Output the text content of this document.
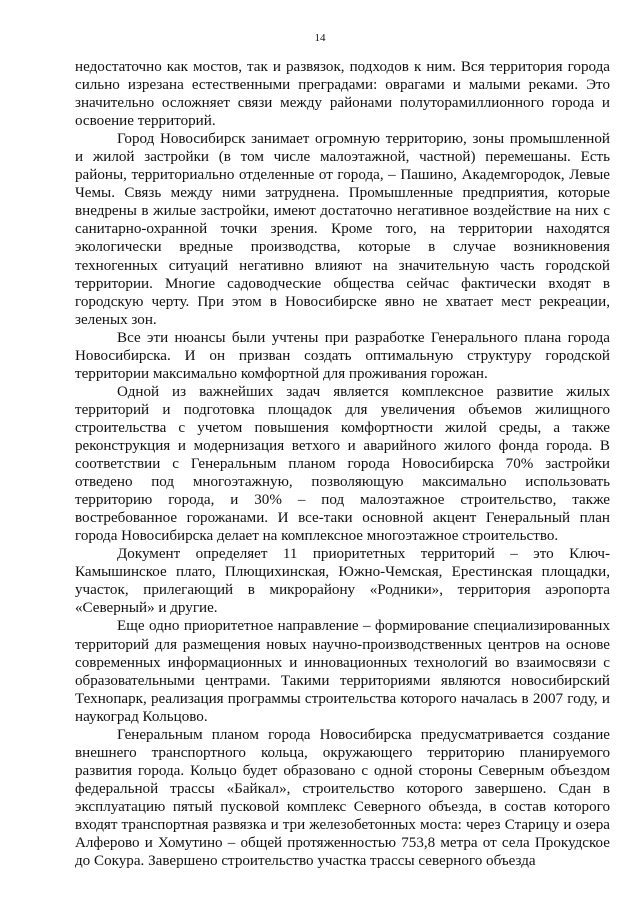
14

недостаточно как мостов, так и развязок, подходов к ним. Вся территория города сильно изрезана естественными преградами: оврагами и малыми реками. Это значительно осложняет связи между районами полуторамиллионного города и освоение территорий.

Город Новосибирск занимает огромную территорию, зоны промышленной и жилой застройки (в том числе малоэтажной, частной) перемешаны. Есть районы, территориально отделенные от города, – Пашино, Академгородок, Левые Чемы. Связь между ними затруднена. Промышленные предприятия, которые внедрены в жилые застройки, имеют достаточно негативное воздействие на них с санитарно-охранной точки зрения. Кроме того, на территории находятся экологически вредные производства, которые в случае возникновения техногенных ситуаций негативно влияют на значительную часть городской территории. Многие садоводческие общества сейчас фактически входят в городскую черту. При этом в Новосибирске явно не хватает мест рекреации, зеленых зон.

Все эти нюансы были учтены при разработке Генерального плана города Новосибирска. И он призван создать оптимальную структуру городской территории максимально комфортной для проживания горожан.

Одной из важнейших задач является комплексное развитие жилых территорий и подготовка площадок для увеличения объемов жилищного строительства с учетом повышения комфортности жилой среды, а также реконструкция и модернизация ветхого и аварийного жилого фонда города. В соответствии с Генеральным планом города Новосибирска 70% застройки отведено под многоэтажную, позволяющую максимально использовать территорию города, и 30% – под малоэтажное строительство, также востребованное горожанами. И все-таки основной акцент Генеральный план города Новосибирска делает на комплексное многоэтажное строительство.

Документ определяет 11 приоритетных территорий – это Ключ-Камышинское плато, Плющихинская, Южно-Чемская, Ерестинская площадки, участок, прилегающий в микрорайону «Родники», территория аэропорта «Северный» и другие.

Еще одно приоритетное направление – формирование специализированных территорий для размещения новых научно-производственных центров на основе современных информационных и инновационных технологий во взаимосвязи с образовательными центрами. Такими территориями являются новосибирский Технопарк, реализация программы строительства которого началась в 2007 году, и наукоград Кольцово.

Генеральным планом города Новосибирска предусматривается создание внешнего транспортного кольца, окружающего территорию планируемого развития города. Кольцо будет образовано с одной стороны Северным объездом федеральной трассы «Байкал», строительство которого завершено. Сдан в эксплуатацию пятый пусковой комплекс Северного объезда, в состав которого входят транспортная развязка и три железобетонных моста: через Старицу и озера Алферово и Хомутино – общей протяженностью 753,8 метра от села Прокудское до Сокура. Завершено строительство участка трассы северного объезда
